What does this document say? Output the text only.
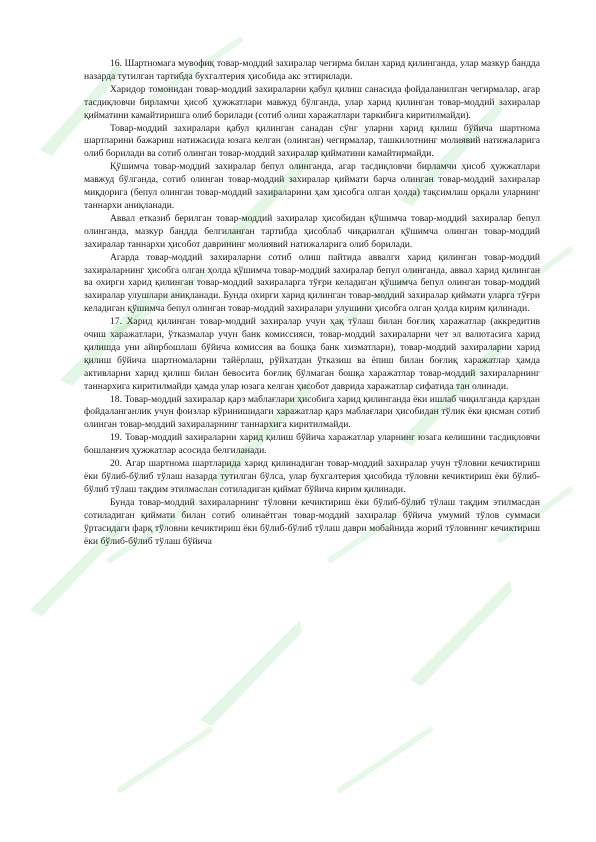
16. Шартномага мувофиқ товар-моддий захиралар чегирма билан харид қилинганда, улар мазкур бандда назарда тутилган тартибда бухгалтерия ҳисобида акс эттирилади.

Харидор томонидан товар-моддий захираларни қабул қилиш санасида фойдаланилган чегирмалар, агар тасдиқловчи бирламчи ҳисоб ҳужжатлари мавжуд бўлганда, улар харид қилинган товар-моддий захиралар қийматини камайтиришга олиб борилади (сотиб олиш харажатлари таркибига киритилмайди).

Товар-моддий захиралари қабул қилинган санадан сўнг уларни харид қилиш бўйича шартнома шартларини бажариш натижасида юзага келган (олинган) чегирмалар, ташкилотнинг молиявий натижаларига олиб борилади ва сотиб олинган товар-моддий захиралар қийматини камайтирмайди.

Қўшимча товар-моддий захиралар бепул олинганда, агар тасдиқловчи бирламчи ҳисоб ҳужжатлари мавжуд бўлганда, сотиб олинган товар-моддий захиралар қиймати барча олинган товар-моддий захиралар миқдорига (бепул олинган товар-моддий захираларини ҳам ҳисобга олган ҳолда) тақсимлаш орқали уларнинг таннархи аниқланади.

Аввал етказиб берилган товар-моддий захиралар ҳисобидан қўшимча товар-моддий захиралар бепул олинганда, мазкур бандда белгиланган тартибда ҳисоблаб чиқарилган қўшимча олинган товар-моддий захиралар таннархи ҳисобот даврининг молиявий натижаларига олиб борилади.

Агарда товар-моддий захираларни сотиб олиш пайтида аввалги харид қилинган товар-моддий захираларнинг ҳисобга олган ҳолда қўшимча товар-моддий захиралар бепул олинганда, аввал харид қилинган ва охирги харид қилинган товар-моддий захираларга тўғри келадиган қўшимча бепул олинган товар-моддий захиралар улушлари аниқланади. Бунда охирги харид қилинган товар-моддий захиралар қиймати уларга тўғри келадиган қўшимча бепул олинган товар-моддий захиралари улушини ҳисобга олган ҳолда кирим қилинади.

17. Харид қилинган товар-моддий захиралар учун ҳақ тўлаш билан боғлиқ харажатлар (аккредитив очиш харажатлари, ўтказмалар учун банк комиссияси, товар-моддий захираларни чет эл валютасига харид қилишда уни айирбошлаш бўйича комиссия ва бошқа банк хизматлари), товар-моддий захираларни харид қилиш бўйича шартномаларни тайёрлаш, рўйхатдан ўтказиш ва ёпиш билан боғлиқ харажатлар ҳамда активларни харид қилиш билан бевосита боғлиқ бўлмаган бошқа харажатлар товар-моддий захираларнинг таннархига киритилмайди ҳамда улар юзага келган ҳисобот даврида харажатлар сифатида тан олинади.

18. Товар-моддий захиралар қарз маблағлари ҳисобига харид қилинганда ёки ишлаб чиқилганда қарздан фойдаланганлик учун фоизлар кўринишидаги харажатлар қарз маблағлари ҳисобидан тўлик ёки қисман сотиб олинган товар-моддий захираларнинг таннархига киритилмайди.

19. Товар-моддий захираларни харид қилиш бўйича харажатлар уларнинг юзага келишини тасдиқловчи бошланғич ҳужжатлар асосида белгиланади.

20. Агар шартнома шартларида харид қилинадиган товар-моддий захиралар учун тўловни кечиктириш ёки бўлиб-бўлиб тўлаш назарда тутилган бўлса, улар бухгалтерия ҳисобида тўловни кечиктириш ёки бўлиб-бўлиб тўлаш тақдим этилмаслан сотиладиган қиймат бўйича кирим қилинади.

Бунда товар-моддий захираларнинг тўловни кечиктириш ёки бўлиб-бўлиб тўлаш тақдим этилмасдан сотиладиган қиймати билан сотиб олинаётган товар-моддий захиралар бўйича умумий тўлов суммаси ўртасидаги фарқ тўловни кечиктириш ёки бўлиб-бўлиб тўлаш даври мобайнида жорий тўловнинг кечиктириш ёки бўлиб-бўлиб тўлаш бўйича
